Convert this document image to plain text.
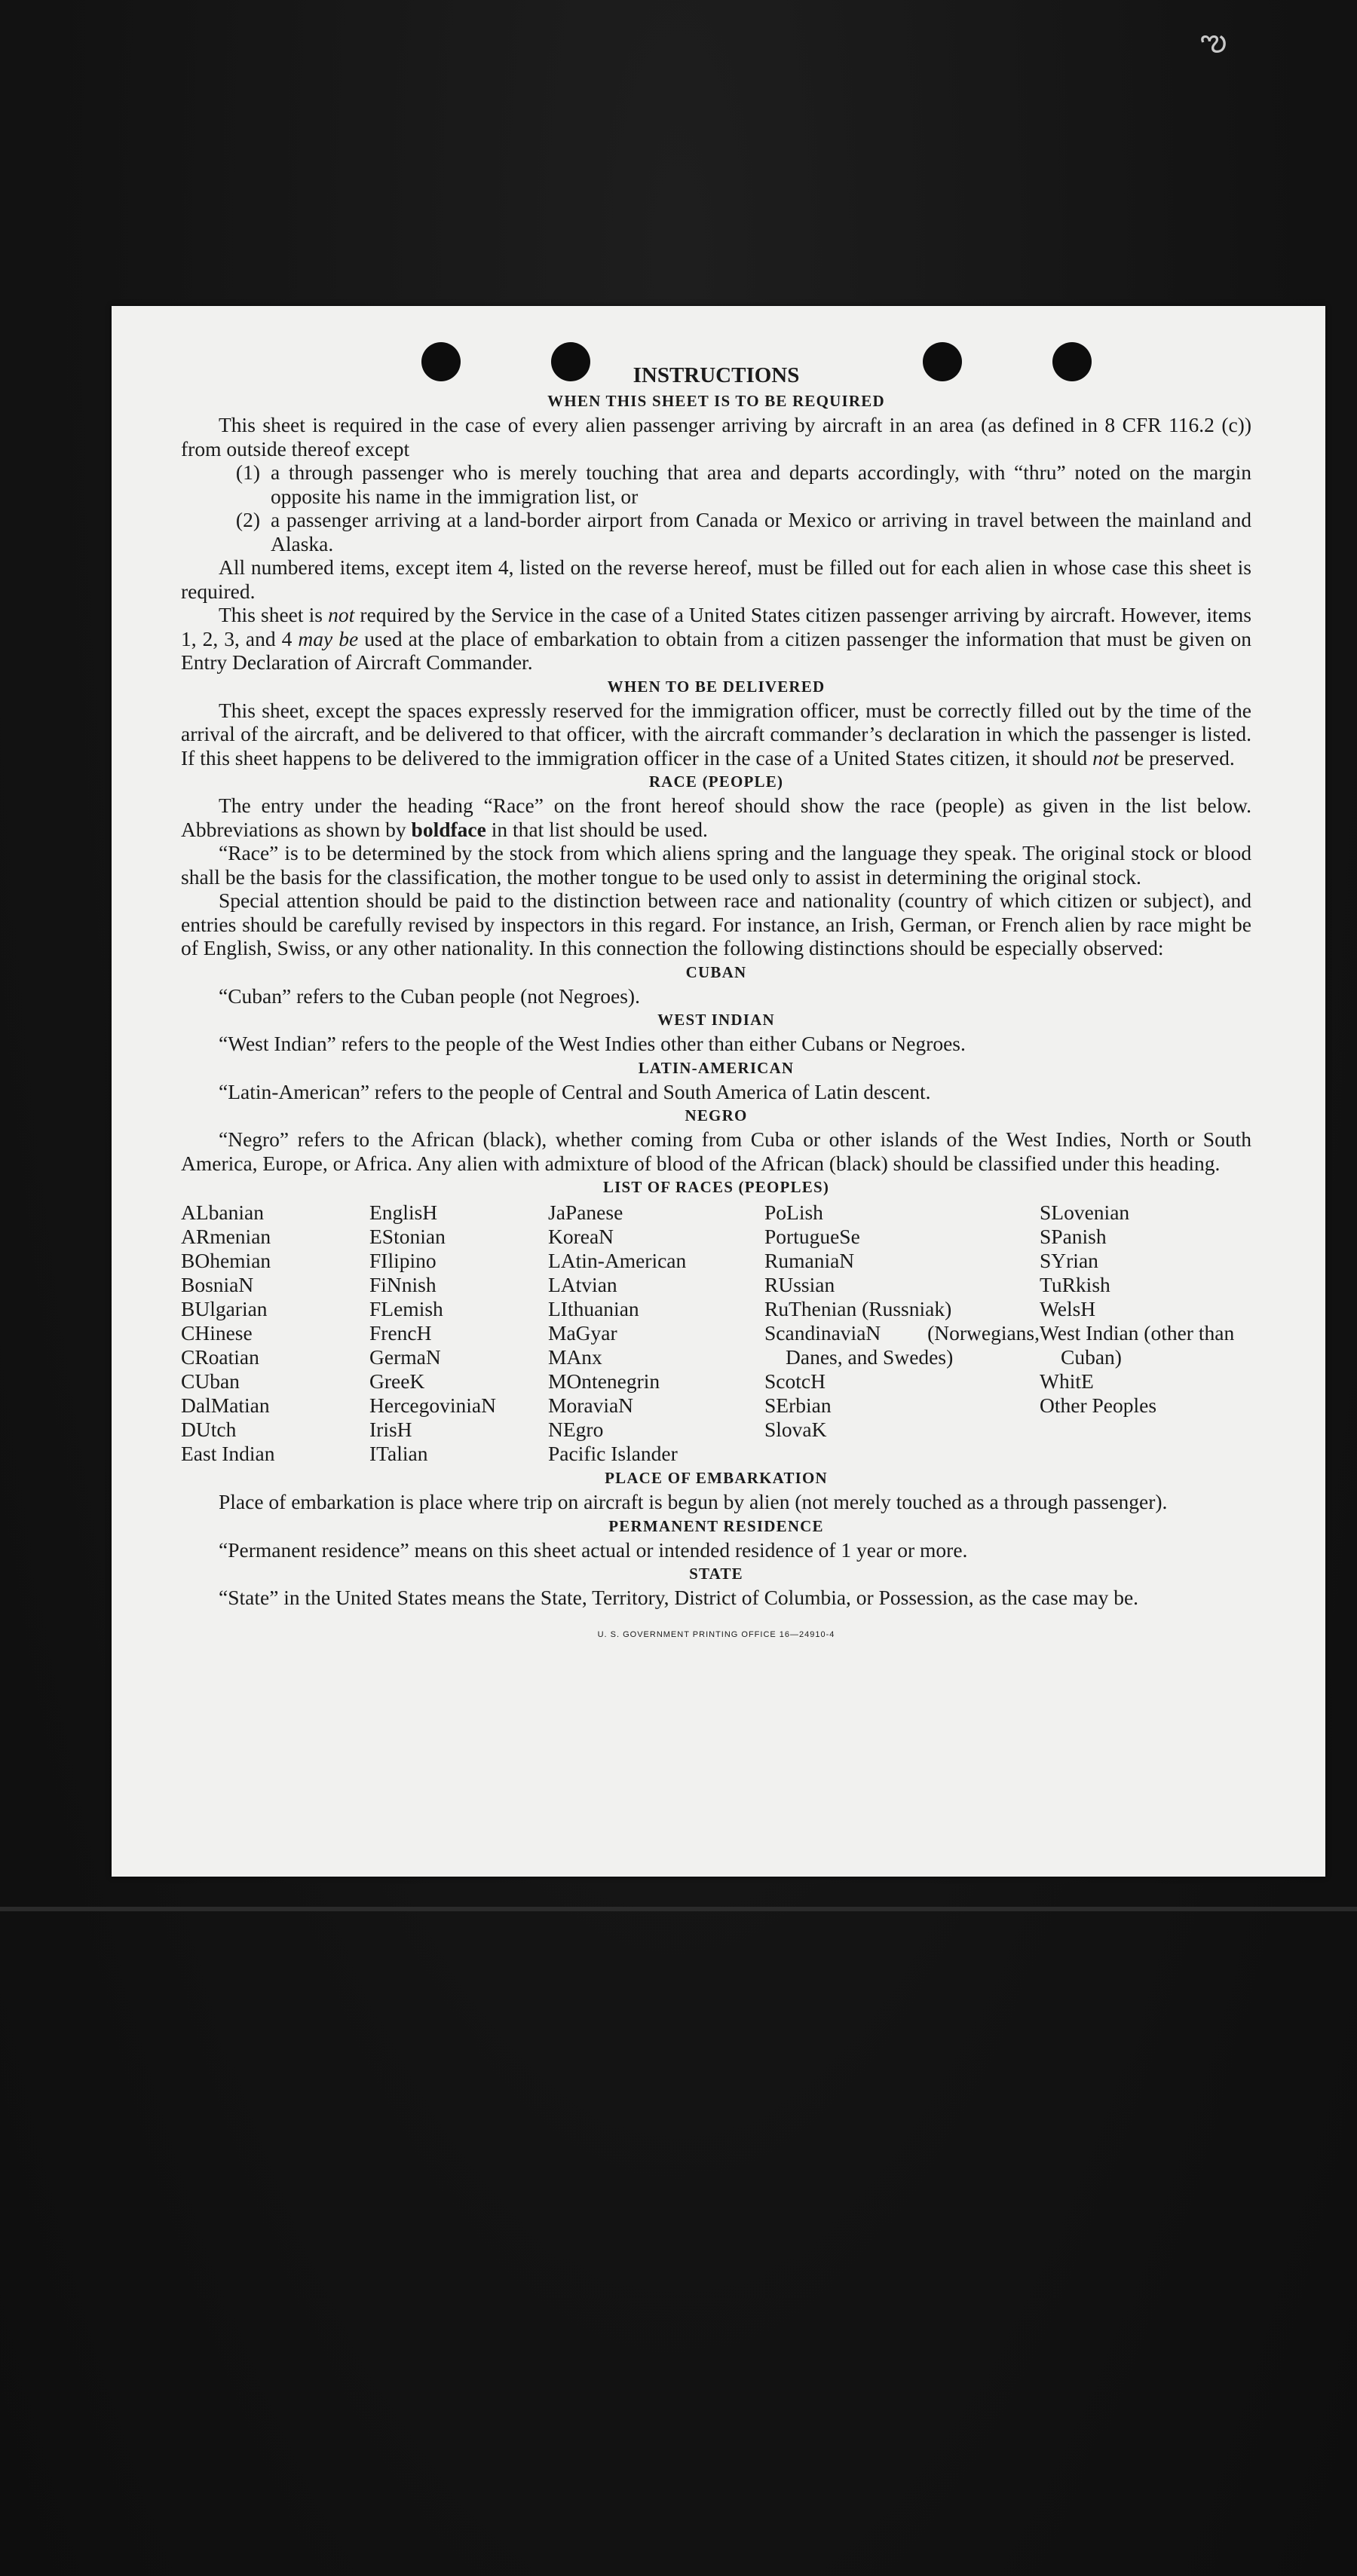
ఌ
INSTRUCTIONS
WHEN THIS SHEET IS TO BE REQUIRED

This sheet is required in the case of every alien passenger arriving by aircraft in an area (as defined in 8 CFR 116.2 (c)) from outside thereof except

(1) a through passenger who is merely touching that area and departs accordingly, with “thru” noted on the margin opposite his name in the immigration list, or
(2) a passenger arriving at a land-border airport from Canada or Mexico or arriving in travel between the mainland and Alaska.

All numbered items, except item 4, listed on the reverse hereof, must be filled out for each alien in whose case this sheet is required.

This sheet is not required by the Service in the case of a United States citizen passenger arriving by aircraft. However, items 1, 2, 3, and 4 may be used at the place of embarkation to obtain from a citizen passenger the information that must be given on Entry Declaration of Aircraft Commander.

WHEN TO BE DELIVERED

This sheet, except the spaces expressly reserved for the immigration officer, must be correctly filled out by the time of the arrival of the aircraft, and be delivered to that officer, with the aircraft commander’s declaration in which the passenger is listed. If this sheet happens to be delivered to the immigration officer in the case of a United States citizen, it should not be preserved.

RACE (PEOPLE)

The entry under the heading “Race” on the front hereof should show the race (people) as given in the list below. Abbreviations as shown by boldface in that list should be used.

“Race” is to be determined by the stock from which aliens spring and the language they speak. The original stock or blood shall be the basis for the classification, the mother tongue to be used only to assist in determining the original stock.

Special attention should be paid to the distinction between race and nationality (country of which citizen or subject), and entries should be carefully revised by inspectors in this regard. For instance, an Irish, German, or French alien by race might be of English, Swiss, or any other nationality. In this connection the following distinctions should be especially observed:

CUBAN

“Cuban” refers to the Cuban people (not Negroes).

WEST INDIAN

“West Indian” refers to the people of the West Indies other than either Cubans or Negroes.

LATIN-AMERICAN

“Latin-American” refers to the people of Central and South America of Latin descent.

NEGRO

“Negro” refers to the African (black), whether coming from Cuba or other islands of the West Indies, North or South America, Europe, or Africa. Any alien with admixture of blood of the African (black) should be classified under this heading.

LIST OF RACES (PEOPLES)
ALbanian
ARmenian
BOhemian
BosniaN
BUlgarian
CHinese
CRoatian
CUban
DalMatian
DUtch
East Indian
EnglisH
EStonian
FIlipino
FiNnish
FLemish
FrencH
GermaN
GreeK
HercegoviniaN
IrisH
ITalian
JaPanese
KoreaN
LAtin-American
LAtvian
LIthuanian
MaGyar
MAnx
MOntenegrin
MoraviaN
NEgro
Pacific Islander
PoLish
PortugueSe
RumaniaN
RUssian
RuThenian (Russniak)
ScandinaviaN (Norwegians, Danes, and Swedes)
ScotcH
SErbian
SlovaK
SLovenian
SPanish
SYrian
TuRkish
WelsH
West Indian (other than Cuban)
WhitE
Other Peoples
PLACE OF EMBARKATION

Place of embarkation is place where trip on aircraft is begun by alien (not merely touched as a through passenger).

PERMANENT RESIDENCE

“Permanent residence” means on this sheet actual or intended residence of 1 year or more.

STATE

“State” in the United States means the State, Territory, District of Columbia, or Possession, as the case may be.

U. S. GOVERNMENT PRINTING OFFICE 16—24910-4
